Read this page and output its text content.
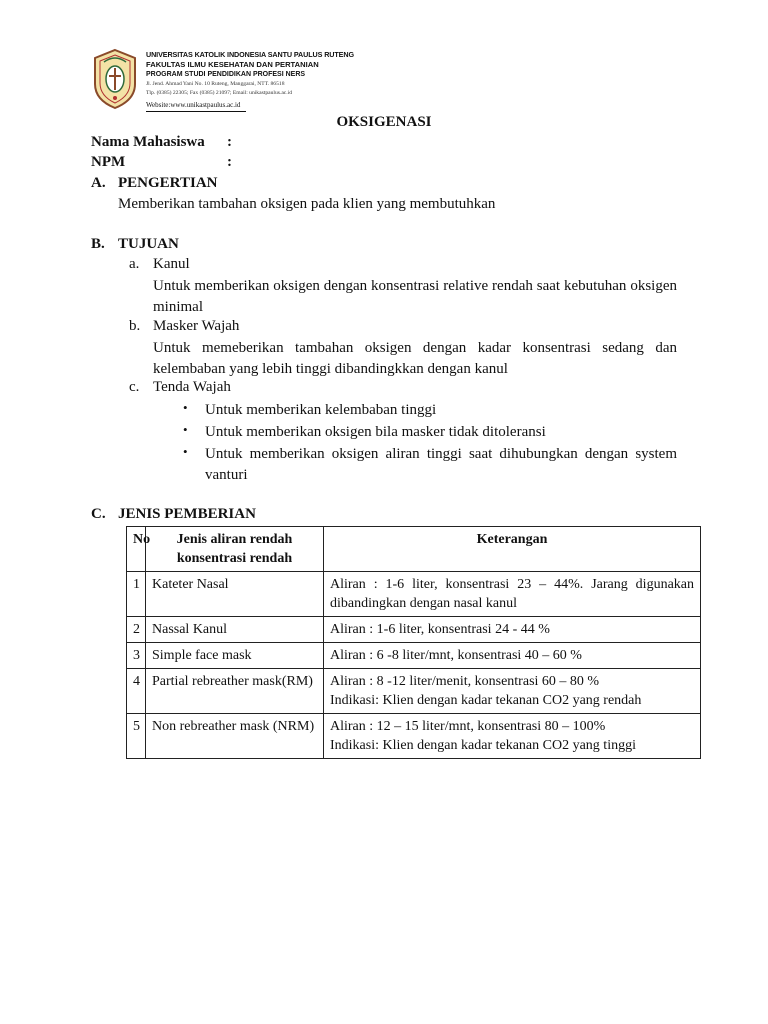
UNIVERSITAS KATOLIK INDONESIA SANTU PAULUS RUTENG
FAKULTAS ILMU KESEHATAN DAN PERTANIAN
PROGRAM STUDI PENDIDIKAN PROFESI NERS
Jl. Jend. Ahmad Yani No. 10 Ruteng, Manggarai, NTT. 86518
Tlp. (0385) 22305; Fax (0385) 21097; Email: unikastpaulus.ac.id
Website:www.unikastpaulus.ac.id
OKSIGENASI
Nama Mahasiswa :
NPM	:
A. PENGERTIAN
Memberikan tambahan oksigen pada klien yang membutuhkan
B. TUJUAN
a. Kanul
Untuk memberikan oksigen dengan konsentrasi relative rendah saat kebutuhan oksigen minimal
b. Masker Wajah
Untuk memeberikan tambahan oksigen dengan kadar konsentrasi sedang dan kelembaban yang lebih tinggi dibandingkkan dengan kanul
c. Tenda Wajah
• Untuk memberikan kelembaban tinggi
• Untuk memberikan oksigen bila masker tidak ditoleransi
• Untuk memberikan oksigen aliran tinggi saat dihubungkan dengan system vanturi
C. JENIS PEMBERIAN
No	Jenis aliran rendah konsentrasi rendah	Keterangan
1	Kateter Nasal	Aliran : 1-6 liter, konsentrasi 23 – 44%. Jarang digunakan dibandingkan dengan nasal kanul

2	Nassal Kanul	Aliran : 1-6 liter, konsentrasi 24 - 44 %

3	Simple face mask	Aliran : 6 -8 liter/mnt, konsentrasi 40 – 60 %

4	Partial rebreather mask(RM)	Aliran : 8 -12 liter/menit, konsentrasi 60 – 80 %
Indikasi: Klien dengan kadar tekanan CO2 yang rendah

5	Non rebreather mask (NRM)	Aliran : 12 – 15 liter/mnt, konsentrasi 80 – 100%
Indikasi: Klien dengan kadar tekanan CO2 yang tinggi
